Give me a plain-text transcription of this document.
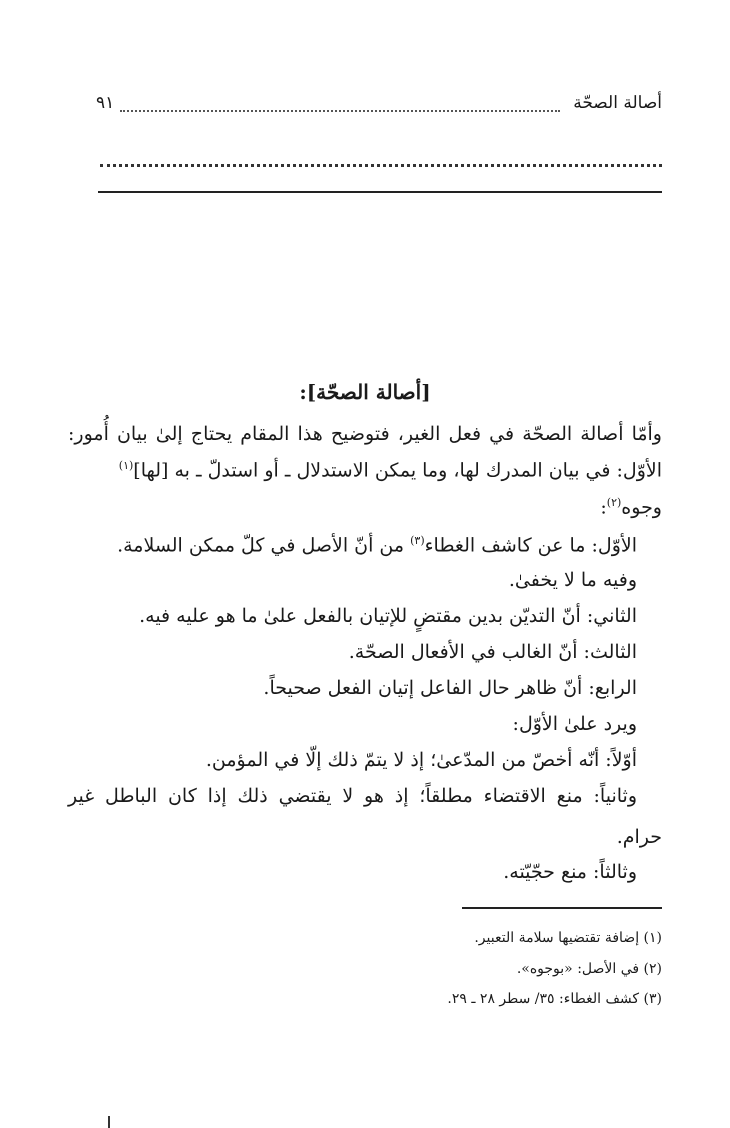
أصالة الصحّة
٩١
[أصالة الصحّة]:
وأمّا أصالة الصحّة في فعل الغير، فتوضيح هذا المقام يحتاج إلىٰ بيان أُمور:
الأوّل: في بيان المدرك لها، وما يمكن الاستدلال ـ أو استدلّ ـ به [لها]$^{(١)}$
وجوه$^{(٢)}$:
الأوّل: ما عن كاشف الغطاء$^{(٣)}$ من أنّ الأصل في كلّ ممكن السلامة.
وفيه ما لا يخفىٰ.
الثاني: أنّ التديّن بدين مقتضٍ للإتيان بالفعل علىٰ ما هو عليه فيه.
الثالث: أنّ الغالب في الأفعال الصحّة.
الرابع: أنّ ظاهر حال الفاعل إتيان الفعل صحيحاً.
ويرد علىٰ الأوّل:
أوّلاً: أنّه أخصّ من المدّعىٰ؛ إذ لا يتمّ ذلك إلّا في المؤمن.
وثانياً: منع الاقتضاء مطلقاً؛ إذ هو لا يقتضي ذلك إذا كان الباطل غير
حرام.
وثالثاً: منع حجّيّته.
(١) إضافة تقتضيها سلامة التعبير.
(٢) في الأصل: «بوجوه».
(٣) كشف الغطاء: ٣٥/ سطر ٢٨ ـ ٢٩.
